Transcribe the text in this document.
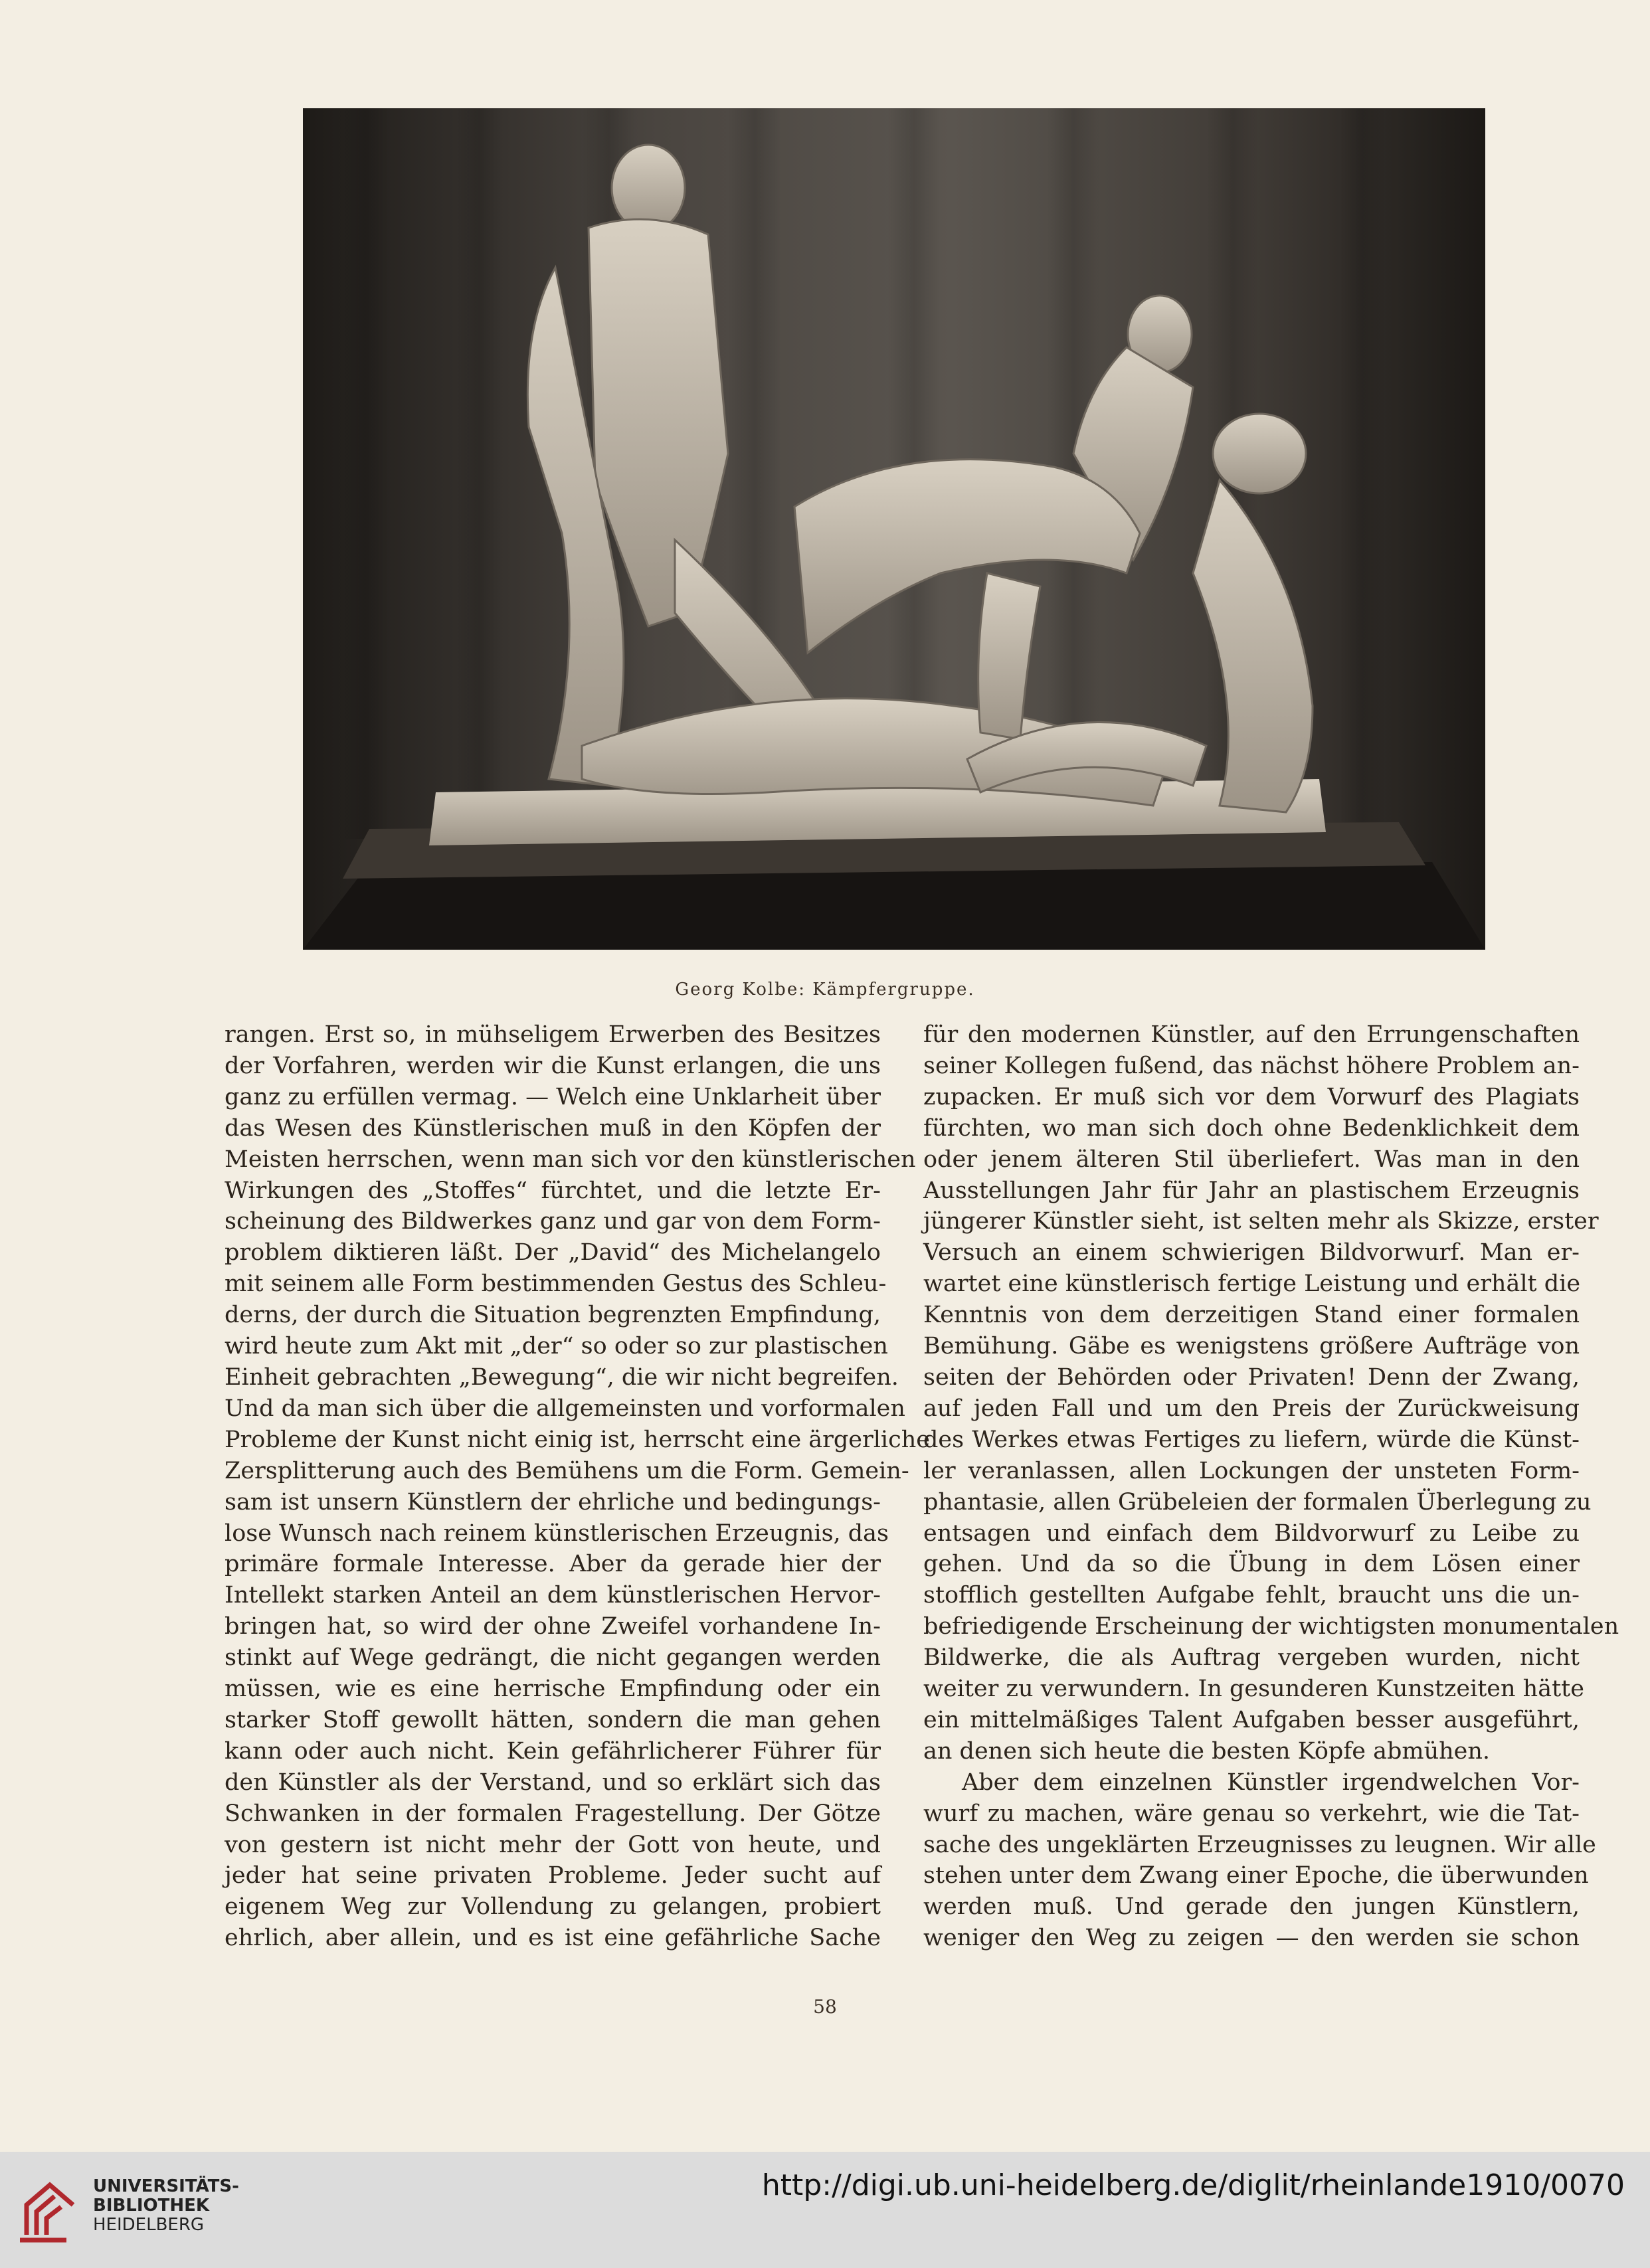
Georg Kolbe: Kämpfergruppe.

rangen. Erst so, in mühseligem Erwerben des Besitzes

der Vorfahren, werden wir die Kunst erlangen, die uns

ganz zu erfüllen vermag. — Welch eine Unklarheit über

das Wesen des Künstlerischen muß in den Köpfen der

Meisten herrschen, wenn man sich vor den künstlerischen

Wirkungen des „Stoffes“ fürchtet, und die letzte Er-

scheinung des Bildwerkes ganz und gar von dem Form-

problem diktieren läßt. Der „David“ des Michelangelo

mit seinem alle Form bestimmenden Gestus des Schleu-

derns, der durch die Situation begrenzten Empfindung,

wird heute zum Akt mit „der“ so oder so zur plastischen

Einheit gebrachten „Bewegung“, die wir nicht begreifen.

Und da man sich über die allgemeinsten und vorformalen

Probleme der Kunst nicht einig ist, herrscht eine ärgerliche

Zersplitterung auch des Bemühens um die Form. Gemein-

sam ist unsern Künstlern der ehrliche und bedingungs-

lose Wunsch nach reinem künstlerischen Erzeugnis, das

primäre formale Interesse. Aber da gerade hier der

Intellekt starken Anteil an dem künstlerischen Hervor-

bringen hat, so wird der ohne Zweifel vorhandene In-

stinkt auf Wege gedrängt, die nicht gegangen werden

müssen, wie es eine herrische Empfindung oder ein

starker Stoff gewollt hätten, sondern die man gehen

kann oder auch nicht. Kein gefährlicherer Führer für

den Künstler als der Verstand, und so erklärt sich das

Schwanken in der formalen Fragestellung. Der Götze

von gestern ist nicht mehr der Gott von heute, und

jeder hat seine privaten Probleme. Jeder sucht auf

eigenem Weg zur Vollendung zu gelangen, probiert

ehrlich, aber allein, und es ist eine gefährliche Sache

für den modernen Künstler, auf den Errungenschaften

seiner Kollegen fußend, das nächst höhere Problem an-

zupacken. Er muß sich vor dem Vorwurf des Plagiats

fürchten, wo man sich doch ohne Bedenklichkeit dem

oder jenem älteren Stil überliefert. Was man in den

Ausstellungen Jahr für Jahr an plastischem Erzeugnis

jüngerer Künstler sieht, ist selten mehr als Skizze, erster

Versuch an einem schwierigen Bildvorwurf. Man er-

wartet eine künstlerisch fertige Leistung und erhält die

Kenntnis von dem derzeitigen Stand einer formalen

Bemühung. Gäbe es wenigstens größere Aufträge von

seiten der Behörden oder Privaten! Denn der Zwang,

auf jeden Fall und um den Preis der Zurückweisung

des Werkes etwas Fertiges zu liefern, würde die Künst-

ler veranlassen, allen Lockungen der unsteten Form-

phantasie, allen Grübeleien der formalen Überlegung zu

entsagen und einfach dem Bildvorwurf zu Leibe zu

gehen. Und da so die Übung in dem Lösen einer

stofflich gestellten Aufgabe fehlt, braucht uns die un-

befriedigende Erscheinung der wichtigsten monumentalen

Bildwerke, die als Auftrag vergeben wurden, nicht

weiter zu verwundern. In gesunderen Kunstzeiten hätte

ein mittelmäßiges Talent Aufgaben besser ausgeführt,

an denen sich heute die besten Köpfe abmühen.

Aber dem einzelnen Künstler irgendwelchen Vor-

wurf zu machen, wäre genau so verkehrt, wie die Tat-

sache des ungeklärten Erzeugnisses zu leugnen. Wir alle

stehen unter dem Zwang einer Epoche, die überwunden

werden muß. Und gerade den jungen Künstlern,

weniger den Weg zu zeigen — den werden sie schon

58
UNIVERSITÄTS-
BIBLIOTHEK
HEIDELBERG
http://digi.ub.uni-heidelberg.de/diglit/rheinlande1910/0070
